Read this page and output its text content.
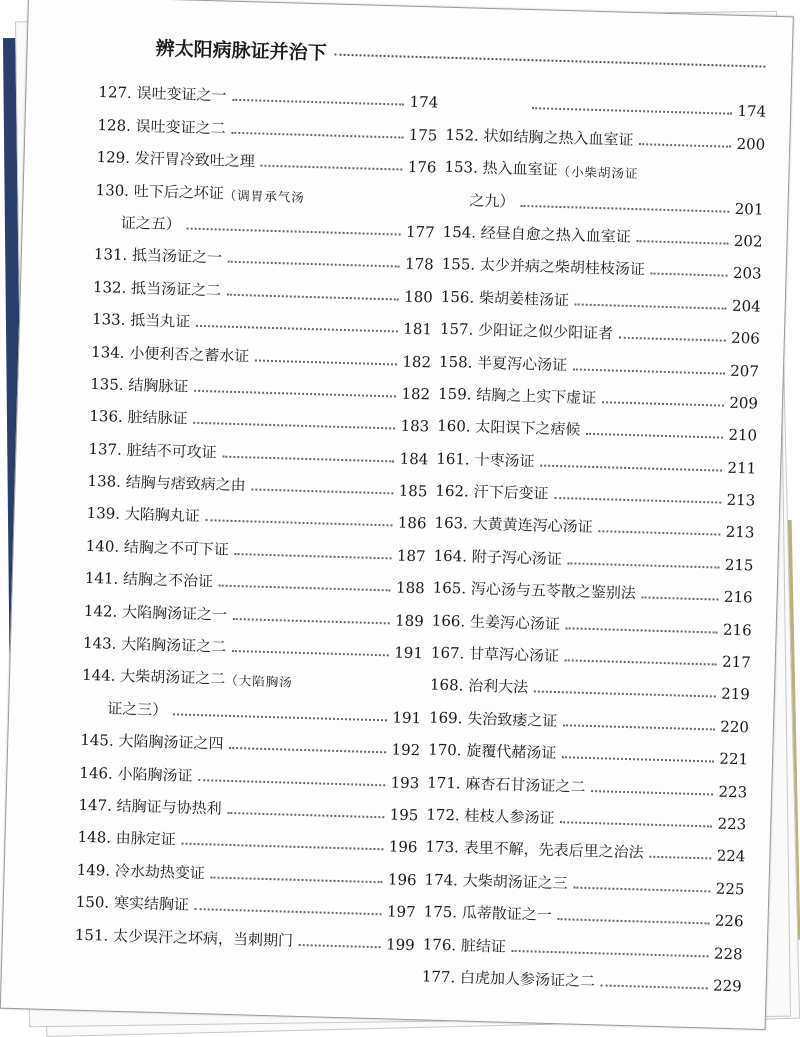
辨太阳病脉证并治下
127. 误吐变证之一	174
128. 误吐变证之二	175
129. 发汗胃冷致吐之理	176
130. 吐下后之坏证 （调胃承气汤
证之五）	177
131. 抵当汤证之一	178
132. 抵当汤证之二	180
133. 抵当丸证	181
134. 小便利否之蓄水证	182
135. 结胸脉证	182
136. 脏结脉证	183
137. 脏结不可攻证	184
138. 结胸与痞致病之由	185
139. 大陷胸丸证	186
140. 结胸之不可下证	187
141. 结胸之不治证	188
142. 大陷胸汤证之一	189
143. 大陷胸汤证之二	191
144. 大柴胡汤证之二 （大陷胸汤
证之三）	191
145. 大陷胸汤证之四	192
146. 小陷胸汤证	193
147. 结胸证与协热利	195
148. 由脉定证	196
149. 冷水劫热变证	196
150. 寒实结胸证	197
151. 太少误汗之坏病，当刺期门	199
174
152. 状如结胸之热入血室证	200
153. 热入血室证 （小柴胡汤证
之九）	201
154. 经昼自愈之热入血室证	202
155. 太少并病之柴胡桂枝汤证	203
156. 柴胡姜桂汤证	204
157. 少阳证之似少阳证者	206
158. 半夏泻心汤证	207
159. 结胸之上实下虚证	209
160. 太阳误下之痞候	210
161. 十枣汤证	211
162. 汗下后变证	213
163. 大黄黄连泻心汤证	213
164. 附子泻心汤证	215
165. 泻心汤与五苓散之鉴别法	216
166. 生姜泻心汤证	216
167. 甘草泻心汤证	217
168. 治利大法	219
169. 失治致痿之证	220
170. 旋覆代赭汤证	221
171. 麻杏石甘汤证之二	223
172. 桂枝人参汤证	223
173. 表里不解，先表后里之治法	224
174. 大柴胡汤证之三	225
175. 瓜蒂散证之一	226
176. 脏结证	228
177. 白虎加人参汤证之二	229
